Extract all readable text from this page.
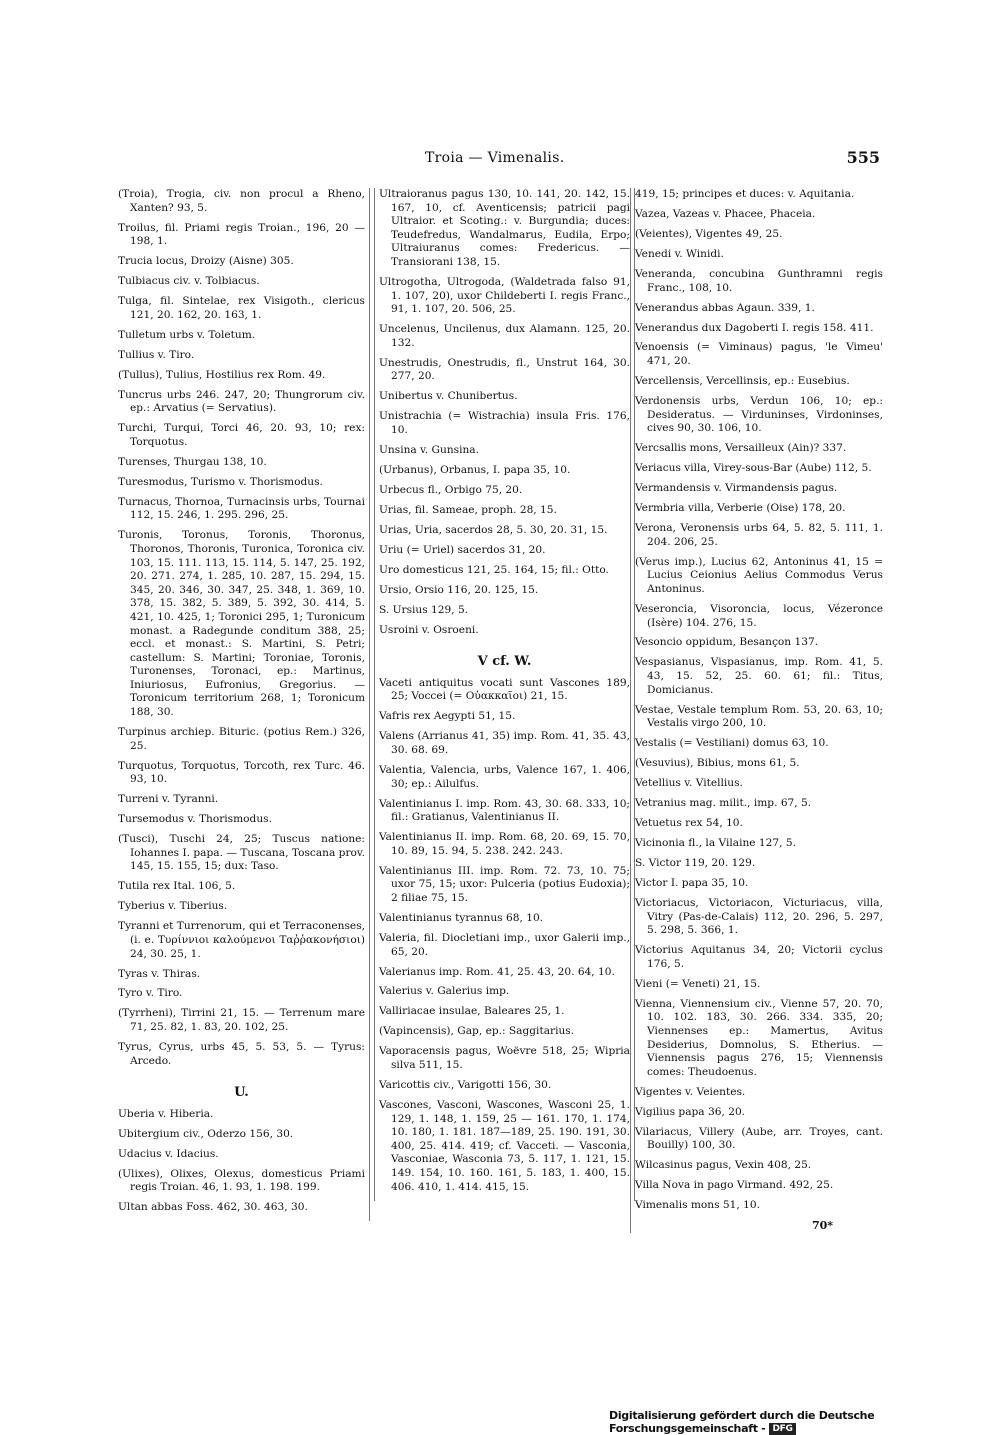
Troia — Vimenalis.	555
(Troia), Trogia, civ. non procul a Rheno, Xanten? 93, 5.
Troilus, fil. Priami regis Troian., 196, 20 —198, 1.
Trucia locus, Droizy (Aisne) 305.
Tulbiacus civ. v. Tolbiacus.
Tulga, fil. Sintelae, rex Visigoth., clericus 121, 20. 162, 20. 163, 1.
Tulletum urbs v. Toletum.
Tullius v. Tiro.
(Tullus), Tulius, Hostilius rex Rom. 49.
Tuncrus urbs 246. 247, 20; Thungrorum civ. ep.: Arvatius (= Servatius).
Turchi, Turqui, Torci 46, 20. 93, 10; rex: Torquotus.
Turenses, Thurgau 138, 10.
Turesmodus, Turismo v. Thorismodus.
Turnacus, Thornoa, Turnacinsis urbs, Tournai 112, 15. 246, 1. 295. 296, 25.
Turonis, Toronus, Toronis, Thoronus, Thoronos, Thoronis, Turonica, Toronica civ. 103, 15. 111. 113, 15. 114, 5. 147, 25. 192, 20. 271. 274, 1. 285, 10. 287, 15. 294, 15. 345, 20. 346, 30. 347, 25. 348, 1. 369, 10. 378, 15. 382, 5. 389, 5. 392, 30. 414, 5. 421, 10. 425, 1; Toronici 295, 1; Turonicum monast. a Radegunde conditum 388, 25; eccl. et monast.: S. Martini, S. Petri; castellum: S. Martini; Toroniae, Toronis, Turonenses, Toronaci, ep.: Martinus, Iniuriosus, Eufronius, Gregorius. — Toronicum territorium 268, 1; Toronicum 188, 30.
Turpinus archiep. Bituric. (potius Rem.) 326, 25.
Turquotus, Torquotus, Torcoth, rex Turc. 46. 93, 10.
Turreni v. Tyranni.
Tursemodus v. Thorismodus.
(Tusci), Tuschi 24, 25; Tuscus natione: Iohannes I. papa. — Tuscana, Toscana prov. 145, 15. 155, 15; dux: Taso.
Tutila rex Ital. 106, 5.
Tyberius v. Tiberius.
Tyranni et Turrenorum, qui et Terraconenses, (i. e. Τυρίννιοι καλούμενοι Ταῤῥακονήσιοι) 24, 30. 25, 1.
Tyras v. Thiras.
Tyro v. Tiro.
(Tyrrheni), Tirrini 21, 15. — Terrenum mare 71, 25. 82, 1. 83, 20. 102, 25.
Tyrus, Cyrus, urbs 45, 5. 53, 5. — Tyrus: Arcedo.
U.
Uberia v. Hiberia.
Ubitergium civ., Oderzo 156, 30.
Udacius v. Idacius.
(Ulixes), Olixes, Olexus, domesticus Priami regis Troian. 46, 1. 93, 1. 198. 199.
Ultan abbas Foss. 462, 30. 463, 30.
Ultraioranus pagus 130, 10. 141, 20. 142, 15. 167, 10, cf. Aventicensis; patricii pagi Ultraior. et Scoting.: v. Burgundia; duces: Teudefredus, Wandalmarus, Eudila, Erpo; Ultraiuranus comes: Fredericus. — Transiorani 138, 15.
Ultrogotha, Ultrogoda, (Waldetrada falso 91, 1. 107, 20), uxor Childeberti I. regis Franc., 91, 1. 107, 20. 506, 25.
Uncelenus, Uncilenus, dux Alamann. 125, 20. 132.
Unestrudis, Onestrudis, fl., Unstrut 164, 30. 277, 20.
Unibertus v. Chunibertus.
Unistrachia (= Wistrachia) insula Fris. 176, 10.
Unsina v. Gunsina.
(Urbanus), Orbanus, I. papa 35, 10.
Urbecus fl., Orbigo 75, 20.
Urias, fil. Sameae, proph. 28, 15.
Urias, Uria, sacerdos 28, 5. 30, 20. 31, 15.
Uriu (= Uriel) sacerdos 31, 20.
Uro domesticus 121, 25. 164, 15; fil.: Otto.
Ursio, Orsio 116, 20. 125, 15.
S. Ursius 129, 5.
Usroini v. Osroeni.
V cf. W.
Vaceti antiquitus vocati sunt Vascones 189, 25; Voccei (= Οὐακκαῖοι) 21, 15.
Vafris rex Aegypti 51, 15.
Valens (Arrianus 41, 35) imp. Rom. 41, 35. 43, 30. 68. 69.
Valentia, Valencia, urbs, Valence 167, 1. 406, 30; ep.: Ailulfus.
Valentinianus I. imp. Rom. 43, 30. 68. 333, 10; fil.: Gratianus, Valentinianus II.
Valentinianus II. imp. Rom. 68, 20. 69, 15. 70, 10. 89, 15. 94, 5. 238. 242. 243.
Valentinianus III. imp. Rom. 72. 73, 10. 75; uxor 75, 15; uxor: Pulceria (potius Eudoxia); 2 filiae 75, 15.
Valentinianus tyrannus 68, 10.
Valeria, fil. Diocletiani imp., uxor Galerii imp., 65, 20.
Valerianus imp. Rom. 41, 25. 43, 20. 64, 10.
Valerius v. Galerius imp.
Valliriacae insulae, Baleares 25, 1.
(Vapincensis), Gap, ep.: Saggitarius.
Vaporacensis pagus, Woëvre 518, 25; Wipria silva 511, 15.
Varicottis civ., Varigotti 156, 30.
Vascones, Vasconi, Wascones, Wasconi 25, 1. 129, 1. 148, 1. 159, 25 — 161. 170, 1. 174, 10. 180, 1. 181. 187—189, 25. 190. 191, 30. 400, 25. 414. 419; cf. Vacceti. — Vasconia, Vasconiae, Wasconia 73, 5. 117, 1. 121, 15. 149. 154, 10. 160. 161, 5. 183, 1. 400, 15. 406. 410, 1. 414. 415, 15.
419, 15; principes et duces: v. Aquitania.
Vazea, Vazeas v. Phacee, Phaceia.
(Veientes), Vigentes 49, 25.
Venedi v. Winidi.
Veneranda, concubina Gunthramni regis Franc., 108, 10.
Venerandus abbas Agaun. 339, 1.
Venerandus dux Dagoberti I. regis 158. 411.
Venoensis (= Viminaus) pagus, 'le Vimeu' 471, 20.
Vercellensis, Vercellinsis, ep.: Eusebius.
Verdonensis urbs, Verdun 106, 10; ep.: Desideratus. — Virduninses, Virdoninses, cives 90, 30. 106, 10.
Vercsallis mons, Versailleux (Ain)? 337.
Veriacus villa, Virey-sous-Bar (Aube) 112, 5.
Vermandensis v. Virmandensis pagus.
Vermbria villa, Verberie (Oise) 178, 20.
Verona, Veronensis urbs 64, 5. 82, 5. 111, 1. 204. 206, 25.
(Verus imp.), Lucius 62, Antoninus 41, 15 = Lucius Ceionius Aelius Commodus Verus Antoninus.
Veseroncia, Visoroncia, locus, Vézeronce (Isère) 104. 276, 15.
Vesoncio oppidum, Besançon 137.
Vespasianus, Vispasianus, imp. Rom. 41, 5. 43, 15. 52, 25. 60. 61; fil.: Titus, Domicianus.
Vestae, Vestale templum Rom. 53, 20. 63, 10; Vestalis virgo 200, 10.
Vestalis (= Vestiliani) domus 63, 10.
(Vesuvius), Bibius, mons 61, 5.
Vetellius v. Vitellius.
Vetranius mag. milit., imp. 67, 5.
Vetuetus rex 54, 10.
Vicinonia fl., la Vilaine 127, 5.
S. Victor 119, 20. 129.
Victor I. papa 35, 10.
Victoriacus, Victoriacon, Victuriacus, villa, Vitry (Pas-de-Calais) 112, 20. 296, 5. 297, 5. 298, 5. 366, 1.
Victorius Aquitanus 34, 20; Victorii cyclus 176, 5.
Vieni (= Veneti) 21, 15.
Vienna, Viennensium civ., Vienne 57, 20. 70, 10. 102. 183, 30. 266. 334. 335, 20; Viennenses ep.: Mamertus, Avitus Desiderius, Domnolus, S. Etherius. — Viennensis pagus 276, 15; Viennensis comes: Theudoenus.
Vigentes v. Veientes.
Vigilius papa 36, 20.
Vilariacus, Villery (Aube, arr. Troyes, cant. Bouilly) 100, 30.
Wilcasinus pagus, Vexin 408, 25.
Villa Nova in pago Virmand. 492, 25.
Vimenalis mons 51, 10.
70*
Digitalisierung gefördert durch die Deutsche Forschungsgemeinschaft - DFG
